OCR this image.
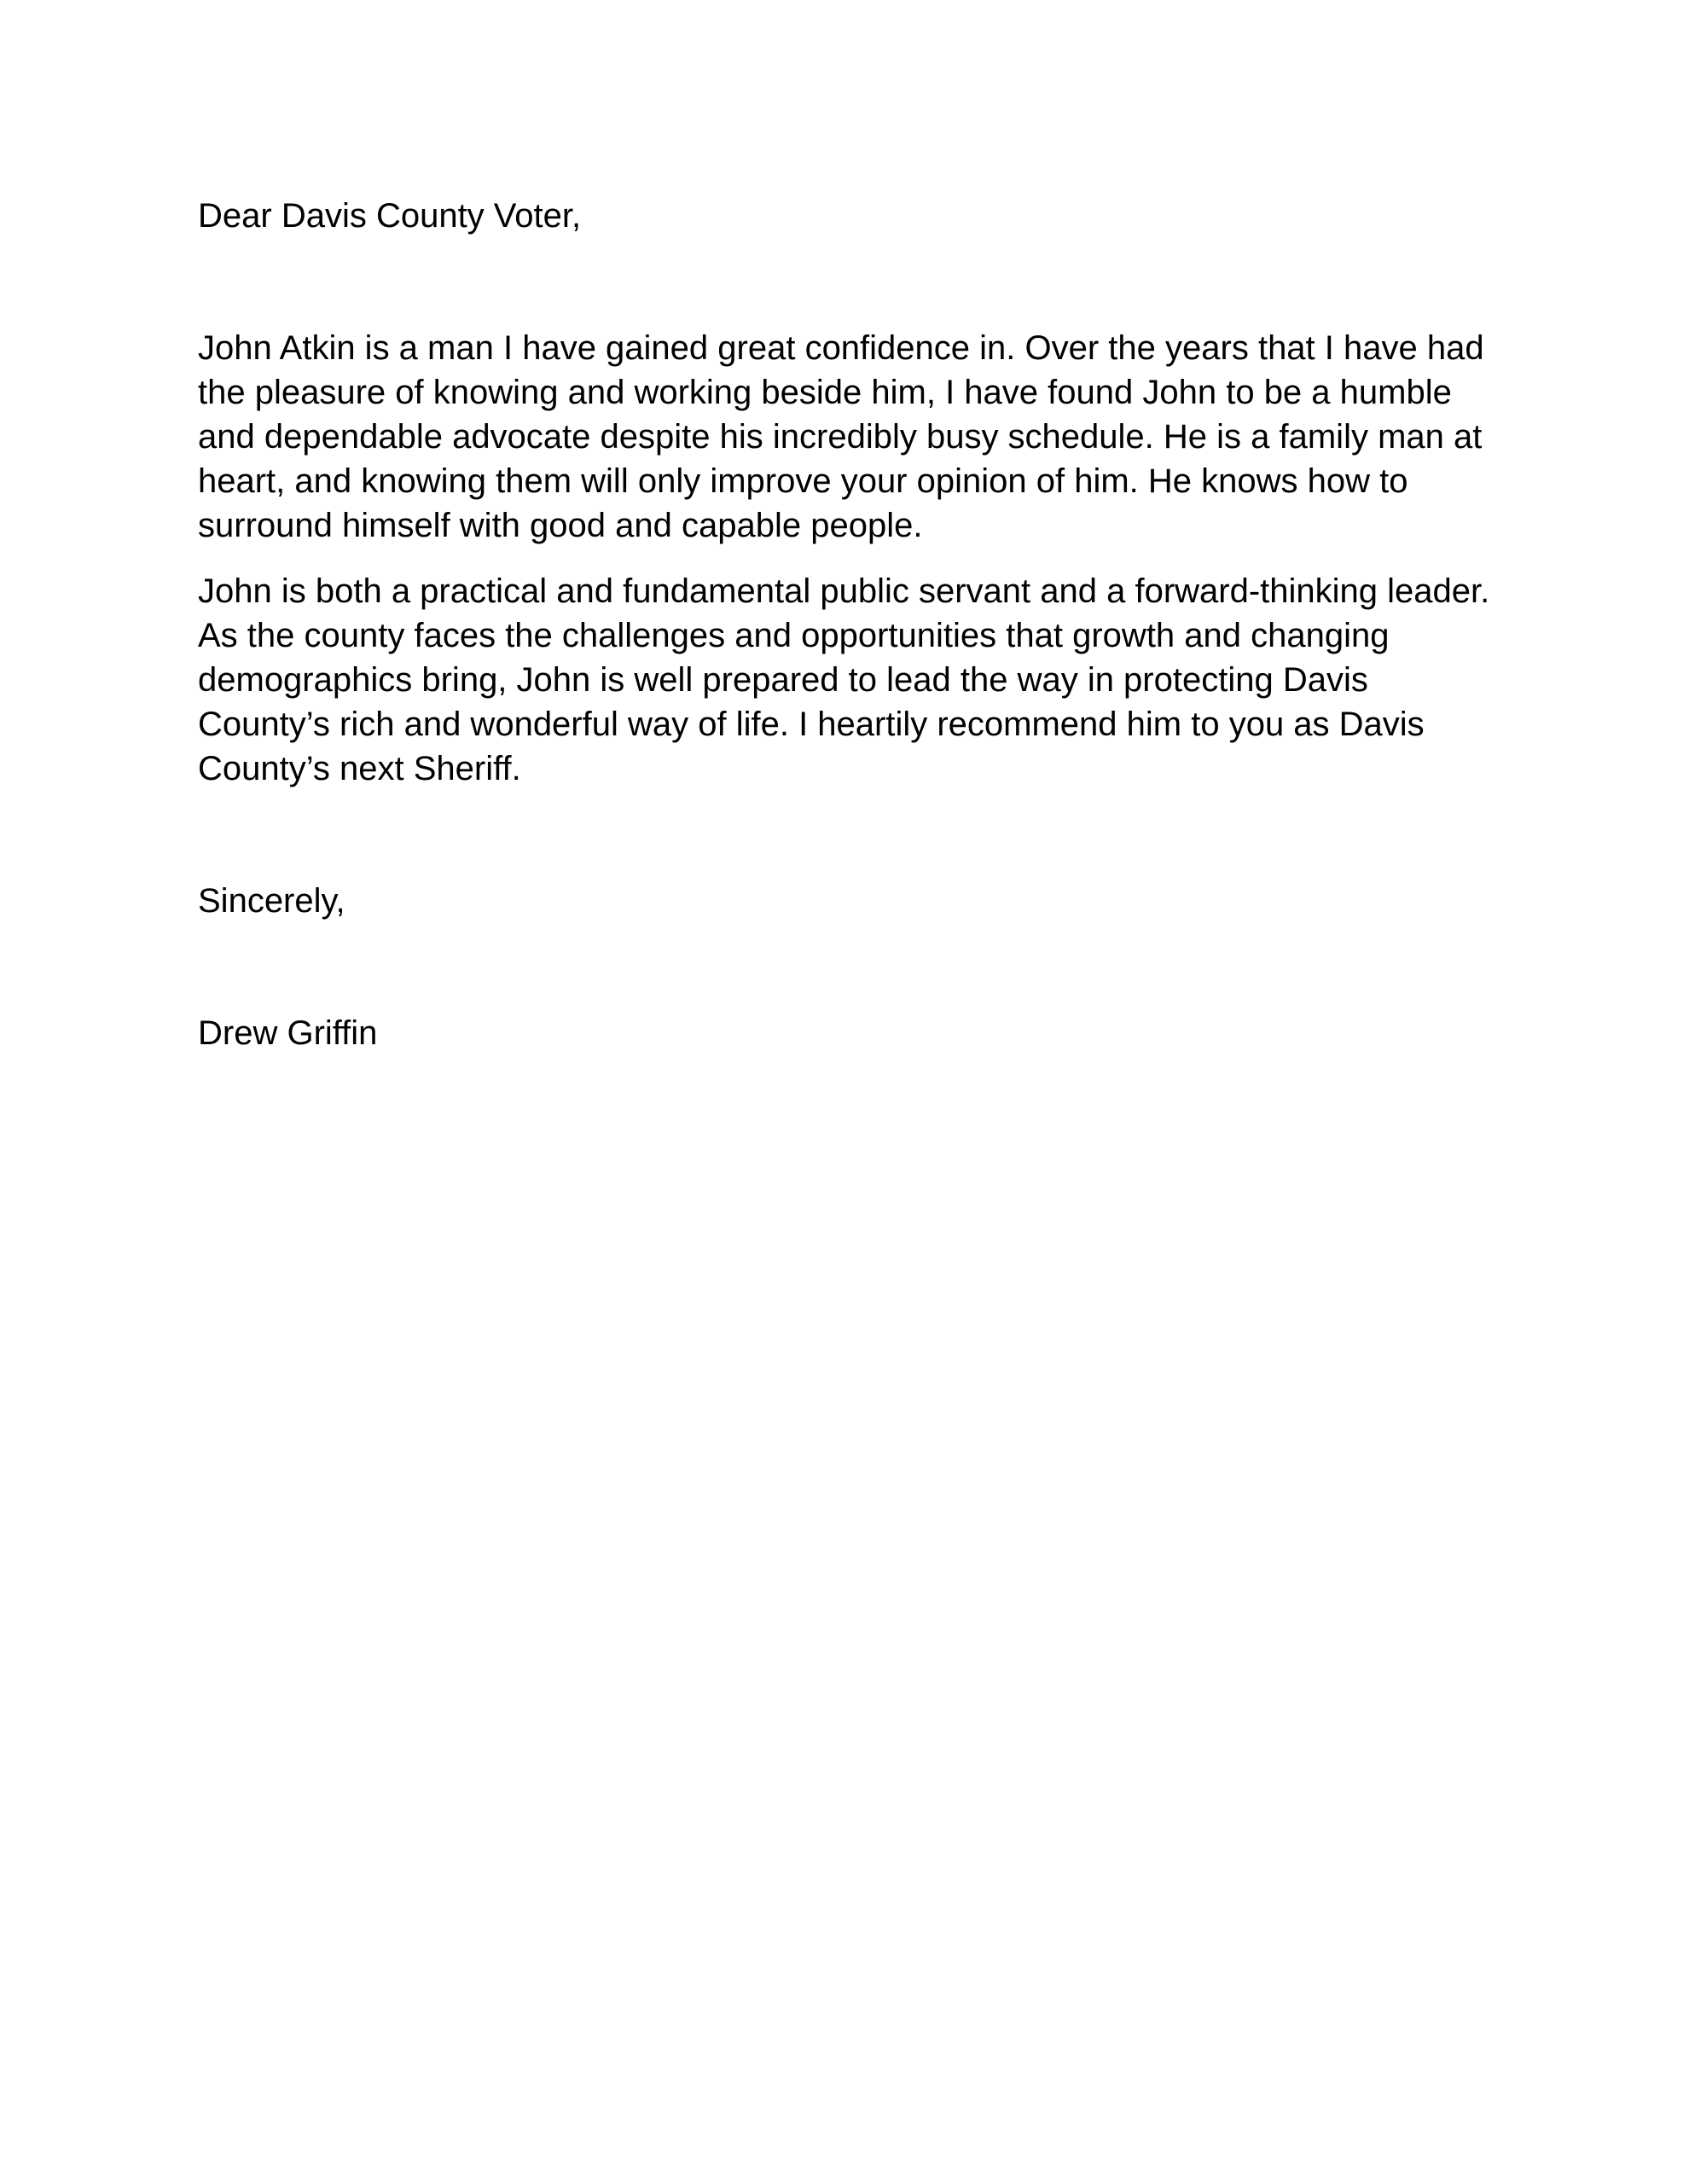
Dear Davis County Voter,

John Atkin is a man I have gained great confidence in. Over the years that I have had the pleasure of knowing and working beside him, I have found John to be a humble and dependable advocate despite his incredibly busy schedule. He is a family man at heart, and knowing them will only improve your opinion of him. He knows how to surround himself with good and capable people.

John is both a practical and fundamental public servant and a forward-thinking leader. As the county faces the challenges and opportunities that growth and changing demographics bring, John is well prepared to lead the way in protecting Davis County’s rich and wonderful way of life. I heartily recommend him to you as Davis County’s next Sheriff.

Sincerely,

Drew Griffin
